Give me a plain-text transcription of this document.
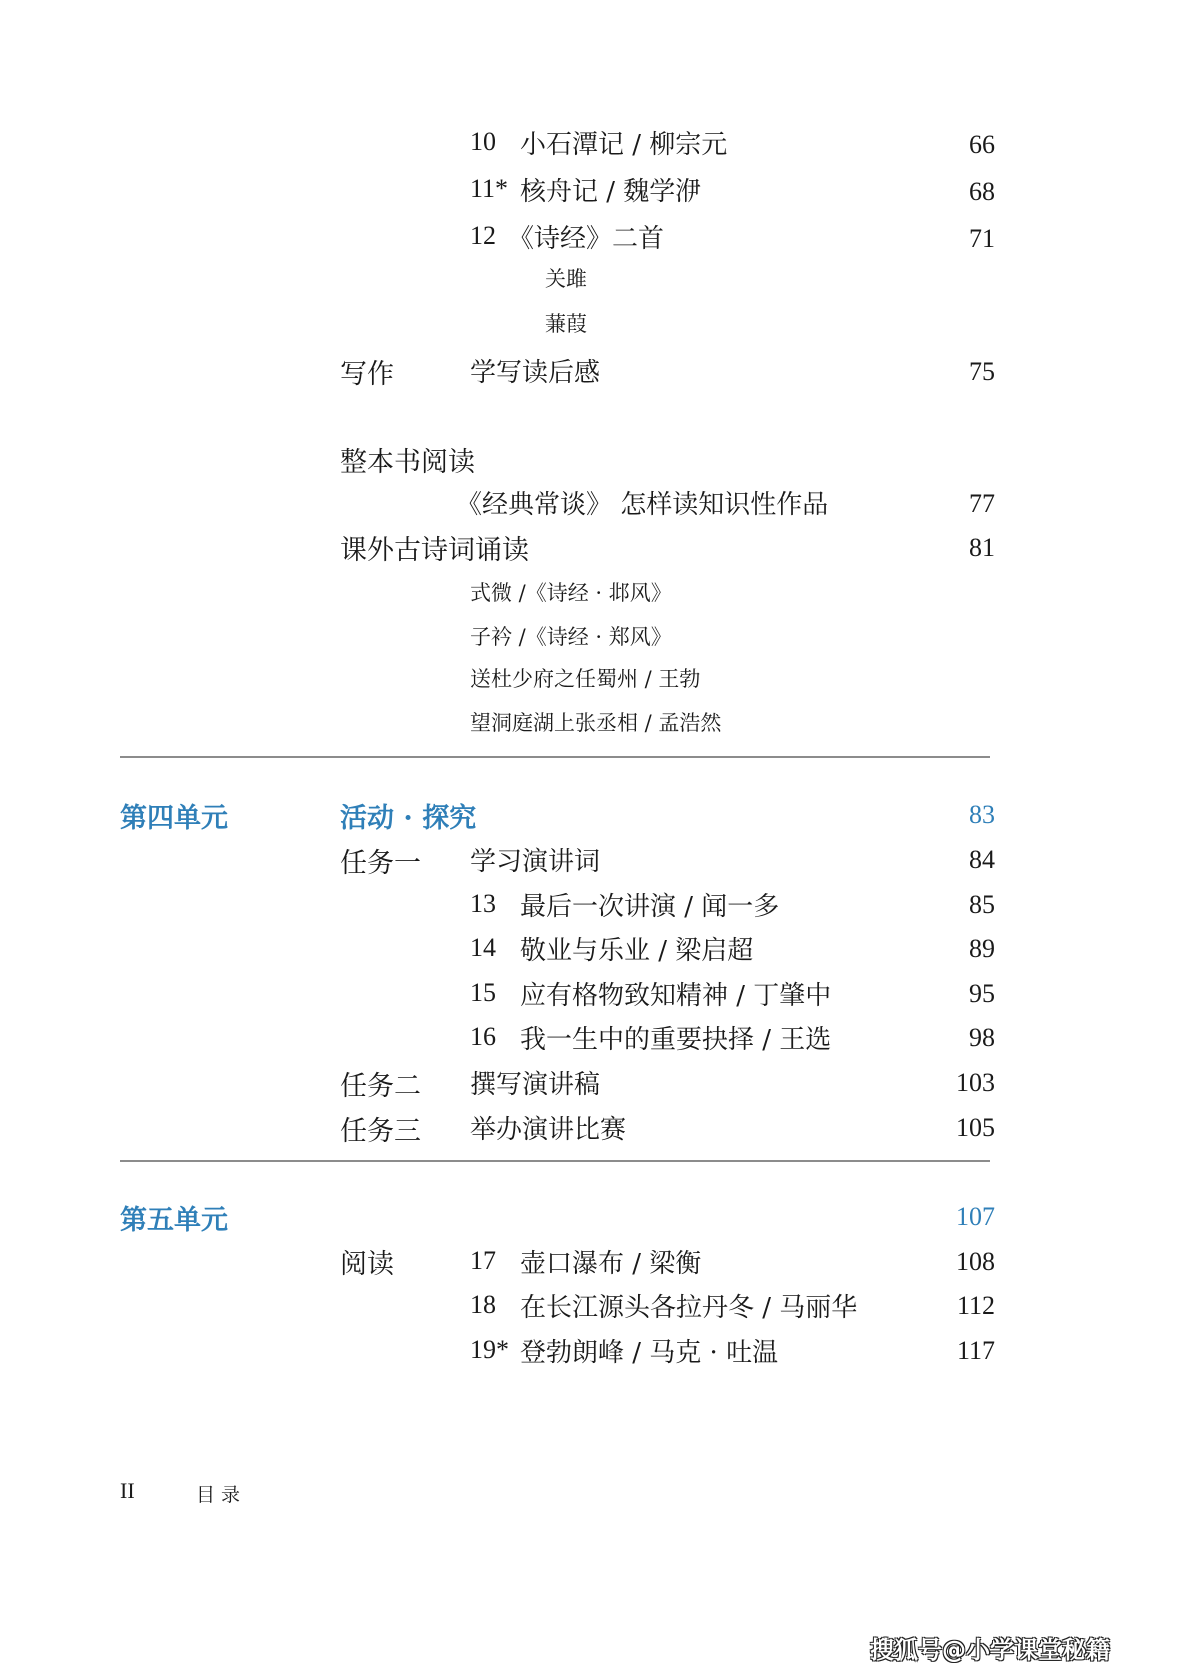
10 小石潭记 / 柳宗元	66
11* 核舟记 / 魏学洢	68
12 《诗经》二首	71
关雎
蒹葭
写作	学写读后感	75
整本书阅读
《经典常谈》 怎样读知识性作品	77
课外古诗词诵读	81
式微 /《诗经 · 邶风》
子衿 /《诗经 · 郑风》
送杜少府之任蜀州 / 王勃
望洞庭湖上张丞相 / 孟浩然
第四单元	活动 · 探究	83
任务一 学习演讲词	84
13 最后一次讲演 / 闻一多	85
14 敬业与乐业 / 梁启超	89
15 应有格物致知精神 / 丁肇中	95
16 我一生中的重要抉择 / 王选	98
任务二 撰写演讲稿	103
任务三 举办演讲比赛	105
第五单元	107
阅读	17 壶口瀑布 / 梁衡	108
18 在长江源头各拉丹冬 / 马丽华	112
19* 登勃朗峰 / 马克 · 吐温	117
II	目 录
搜狐号@小学课堂秘籍
